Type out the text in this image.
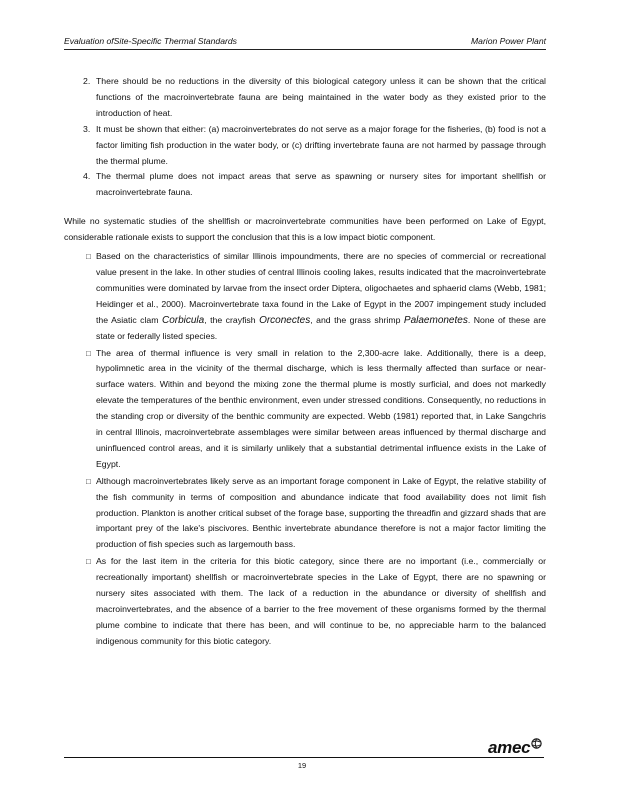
Evaluation ofSite-Specific Thermal Standards	Marion Power Plant
2. There should be no reductions in the diversity of this biological category unless it can be shown that the critical functions of the macroinvertebrate fauna are being maintained in the water body as they existed prior to the introduction of heat.
3. It must be shown that either: (a) macroinvertebrates do not serve as a major forage for the fisheries, (b) food is not a factor limiting fish production in the water body, or (c) drifting invertebrate fauna are not harmed by passage through the thermal plume.
4. The thermal plume does not impact areas that serve as spawning or nursery sites for important shellfish or macroinvertebrate fauna.

While no systematic studies of the shellfish or macroinvertebrate communities have been performed on Lake of Egypt, considerable rationale exists to support the conclusion that this is a low impact biotic component.

□ Based on the characteristics of similar Illinois impoundments, there are no species of commercial or recreational value present in the lake. In other studies of central Illinois cooling lakes, results indicated that the macroinvertebrate communities were dominated by larvae from the insect order Diptera, oligochaetes and sphaerid clams (Webb, 1981; Heidinger et al., 2000). Macroinvertebrate taxa found in the Lake of Egypt in the 2007 impingement study included the Asiatic clam Corbicula, the crayfish Orconectes, and the grass shrimp Palaemonetes. None of these are state or federally listed species.
□ The area of thermal influence is very small in relation to the 2,300-acre lake. Additionally, there is a deep, hypolimnetic area in the vicinity of the thermal discharge, which is less thermally affected than surface or near-surface waters. Within and beyond the mixing zone the thermal plume is mostly surficial, and does not markedly elevate the temperatures of the benthic environment, even under stressed conditions. Consequently, no reductions in the standing crop or diversity of the benthic community are expected. Webb (1981) reported that, in Lake Sangchris in central Illinois, macroinvertebrate assemblages were similar between areas influenced by thermal discharge and uninfluenced control areas, and it is similarly unlikely that a substantial detrimental influence exists in the Lake of Egypt.
□ Although macroinvertebrates likely serve as an important forage component in Lake of Egypt, the relative stability of the fish community in terms of composition and abundance indicate that food availability does not limit fish production. Plankton is another critical subset of the forage base, supporting the threadfin and gizzard shads that are important prey of the lake's piscivores. Benthic invertebrate abundance therefore is not a major factor limiting the production of fish species such as largemouth bass.
□ As for the last item in the criteria for this biotic category, since there are no important (i.e., commercially or recreationally important) shellfish or macroinvertebrate species in the Lake of Egypt, there are no spawning or nursery sites associated with them. The lack of a reduction in the abundance or diversity of shellfish and macroinvertebrates, and the absence of a barrier to the free movement of these organisms formed by the thermal plume combine to indicate that there has been, and will continue to be, no appreciable harm to the balanced indigenous community for this biotic category.
19
amec
